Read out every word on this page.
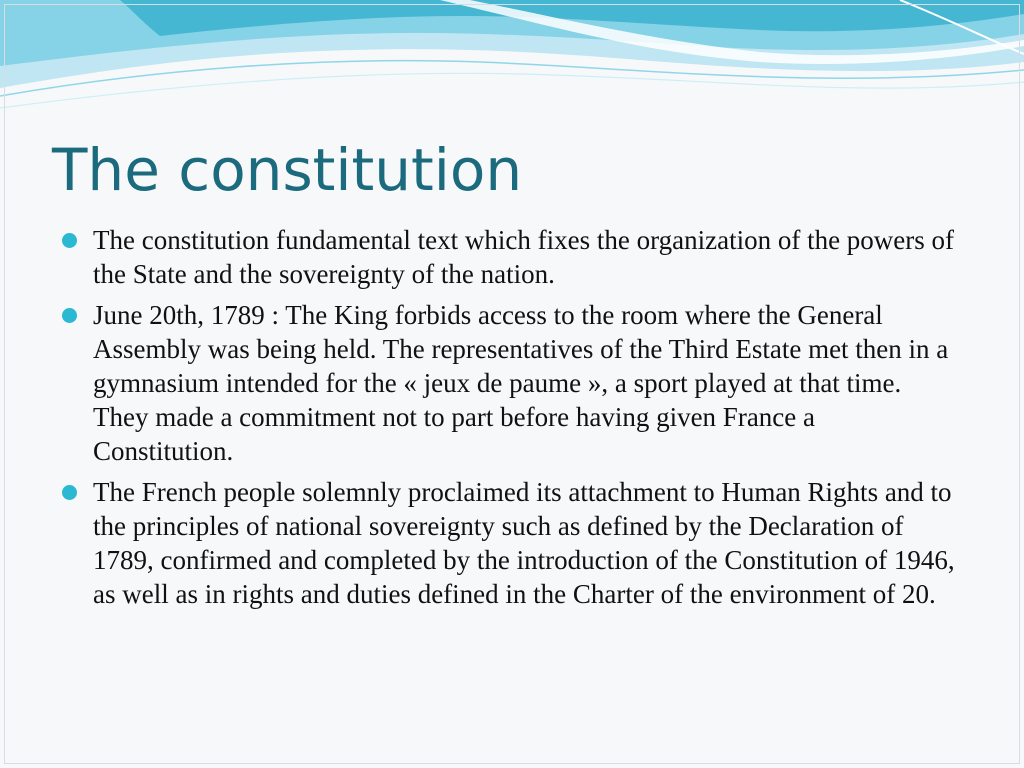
The constitution
The constitution fundamental text which fixes the organization of the powers of the State and the sovereignty of the nation.
June 20th, 1789 : The King forbids access to the room where the General Assembly was being held. The representatives of the Third Estate met then in a gymnasium intended for the « jeux de paume », a sport played at that time. They made a commitment not to part before having given France a Constitution.
The French people solemnly proclaimed its attachment to Human Rights and to the principles of national sovereignty such as defined by the Declaration of 1789, confirmed and completed by the introduction of the Constitution of 1946, as well as in rights and duties defined in the Charter of the environment of 20.
